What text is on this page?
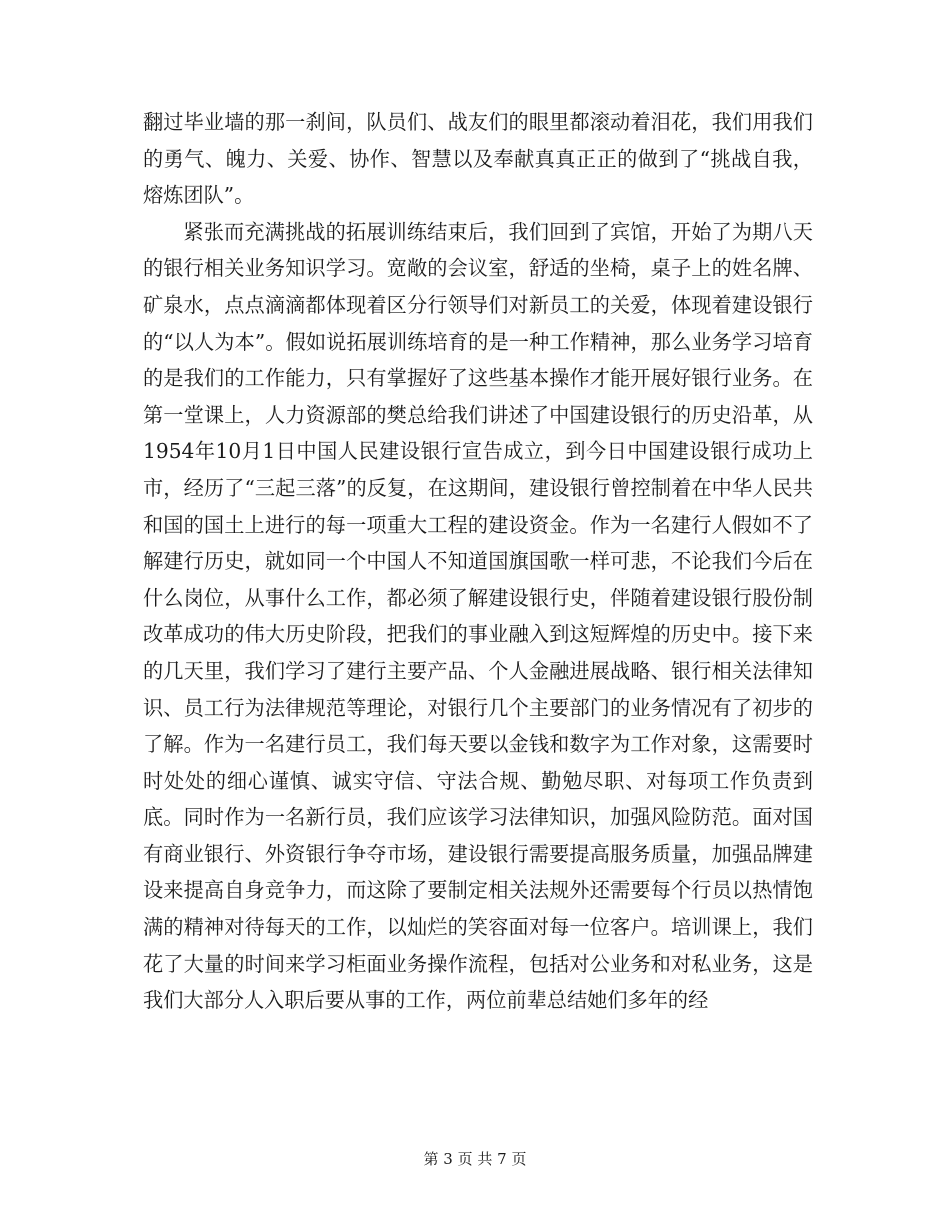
翻过毕业墙的那一刹间，队员们、战友们的眼里都滚动着泪花，我们用我们的勇气、魄力、关爱、协作、智慧以及奉献真真正正的做到了“挑战自我，熔炼团队”。

紧张而充满挑战的拓展训练结束后，我们回到了宾馆，开始了为期八天的银行相关业务知识学习。宽敞的会议室，舒适的坐椅，桌子上的姓名牌、矿泉水，点点滴滴都体现着区分行领导们对新员工的关爱，体现着建设银行的“以人为本”。假如说拓展训练培育的是一种工作精神，那么业务学习培育的是我们的工作能力，只有掌握好了这些基本操作才能开展好银行业务。在第一堂课上，人力资源部的樊总给我们讲述了中国建设银行的历史沿革，从1954年10月1日中国人民建设银行宣告成立，到今日中国建设银行成功上市，经历了“三起三落”的反复，在这期间，建设银行曾控制着在中华人民共和国的国土上进行的每一项重大工程的建设资金。作为一名建行人假如不了解建行历史，就如同一个中国人不知道国旗国歌一样可悲，不论我们今后在什么岗位，从事什么工作，都必须了解建设银行史，伴随着建设银行股份制改革成功的伟大历史阶段，把我们的事业融入到这短辉煌的历史中。接下来的几天里，我们学习了建行主要产品、个人金融进展战略、银行相关法律知识、员工行为法律规范等理论，对银行几个主要部门的业务情况有了初步的了解。作为一名建行员工，我们每天要以金钱和数字为工作对象，这需要时时处处的细心谨慎、诚实守信、守法合规、勤勉尽职、对每项工作负责到底。同时作为一名新行员，我们应该学习法律知识，加强风险防范。面对国有商业银行、外资银行争夺市场，建设银行需要提高服务质量，加强品牌建设来提高自身竞争力，而这除了要制定相关法规外还需要每个行员以热情饱满的精神对待每天的工作，以灿烂的笑容面对每一位客户。培训课上，我们花了大量的时间来学习柜面业务操作流程，包括对公业务和对私业务，这是我们大部分人入职后要从事的工作，两位前辈总结她们多年的经

第 3 页 共 7 页
